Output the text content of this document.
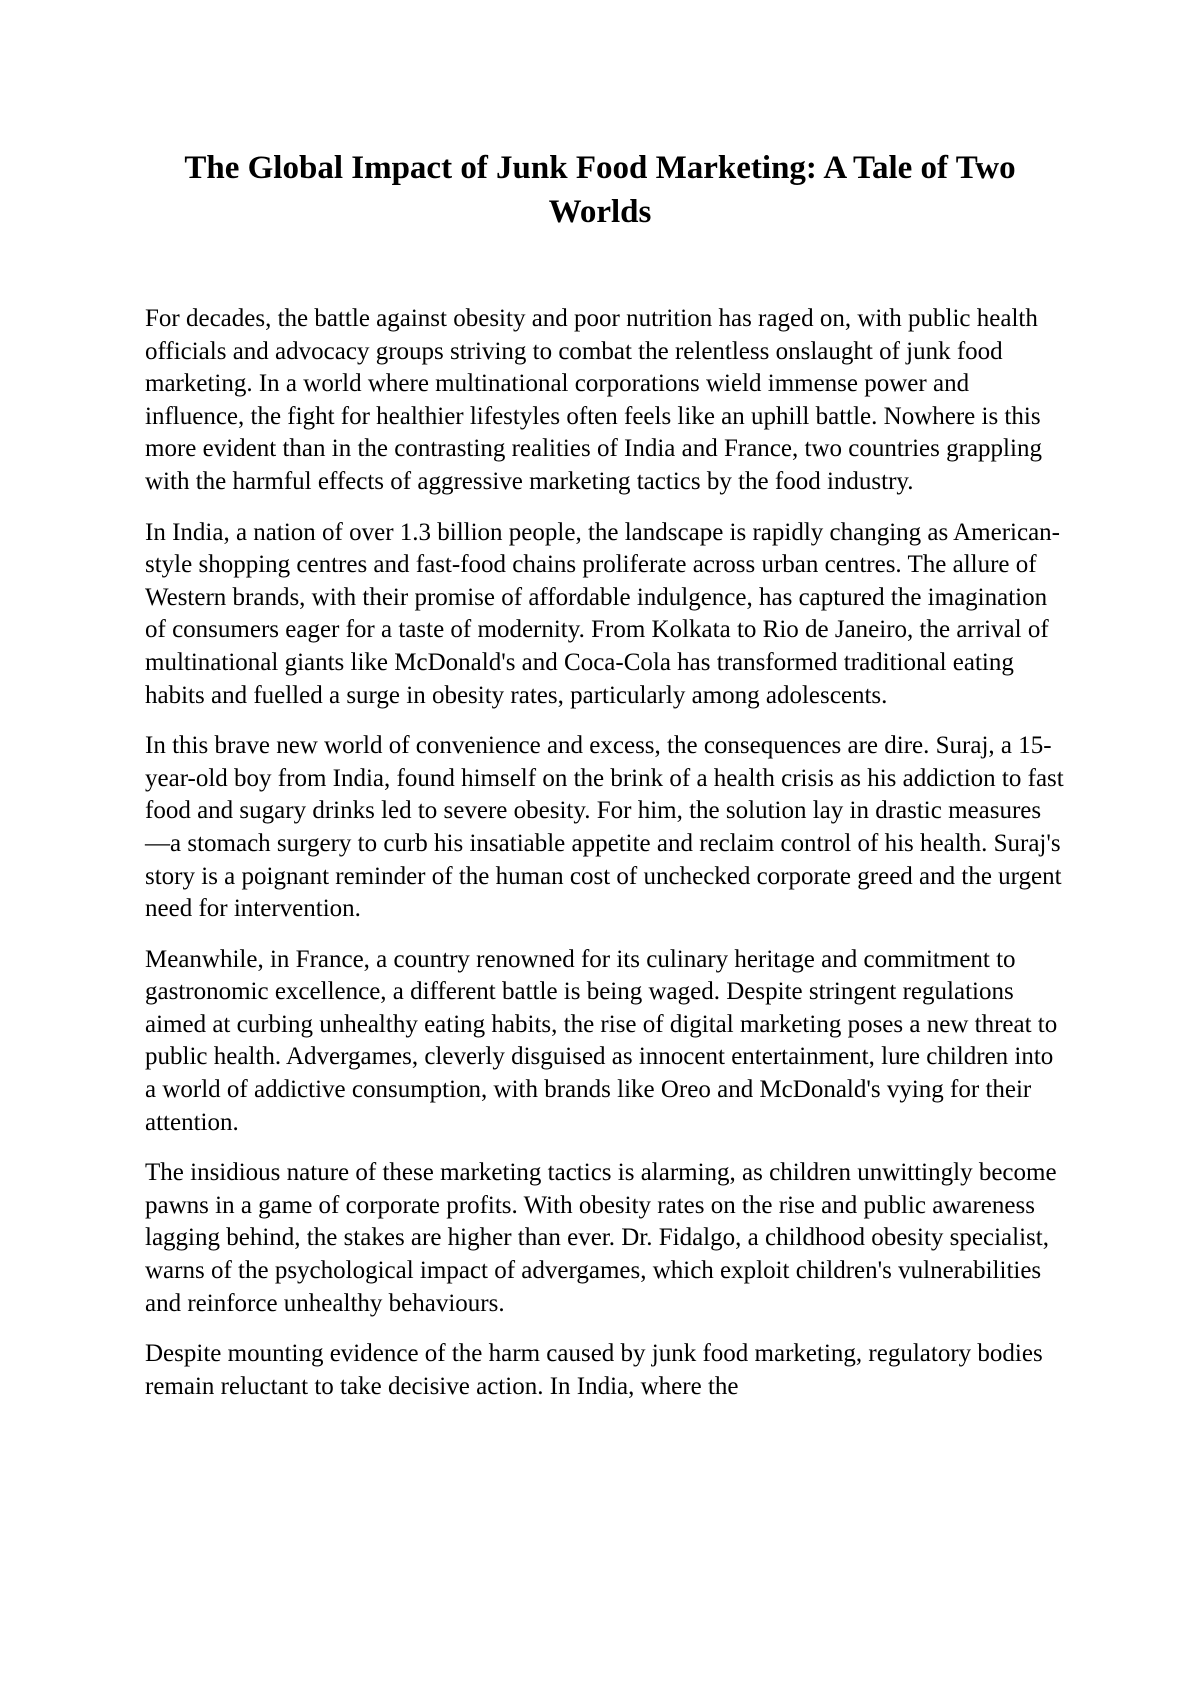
The Global Impact of Junk Food Marketing: A Tale of Two Worlds

For decades, the battle against obesity and poor nutrition has raged on, with public health officials and advocacy groups striving to combat the relentless onslaught of junk food marketing. In a world where multinational corporations wield immense power and influence, the fight for healthier lifestyles often feels like an uphill battle. Nowhere is this more evident than in the contrasting realities of India and France, two countries grappling with the harmful effects of aggressive marketing tactics by the food industry.

In India, a nation of over 1.3 billion people, the landscape is rapidly changing as American-style shopping centres and fast-food chains proliferate across urban centres. The allure of Western brands, with their promise of affordable indulgence, has captured the imagination of consumers eager for a taste of modernity. From Kolkata to Rio de Janeiro, the arrival of multinational giants like McDonald's and Coca-Cola has transformed traditional eating habits and fuelled a surge in obesity rates, particularly among adolescents.

In this brave new world of convenience and excess, the consequences are dire. Suraj, a 15-year-old boy from India, found himself on the brink of a health crisis as his addiction to fast food and sugary drinks led to severe obesity. For him, the solution lay in drastic measures—a stomach surgery to curb his insatiable appetite and reclaim control of his health. Suraj's story is a poignant reminder of the human cost of unchecked corporate greed and the urgent need for intervention.

Meanwhile, in France, a country renowned for its culinary heritage and commitment to gastronomic excellence, a different battle is being waged. Despite stringent regulations aimed at curbing unhealthy eating habits, the rise of digital marketing poses a new threat to public health. Advergames, cleverly disguised as innocent entertainment, lure children into a world of addictive consumption, with brands like Oreo and McDonald's vying for their attention.

The insidious nature of these marketing tactics is alarming, as children unwittingly become pawns in a game of corporate profits. With obesity rates on the rise and public awareness lagging behind, the stakes are higher than ever. Dr. Fidalgo, a childhood obesity specialist, warns of the psychological impact of advergames, which exploit children's vulnerabilities and reinforce unhealthy behaviours.

Despite mounting evidence of the harm caused by junk food marketing, regulatory bodies remain reluctant to take decisive action. In India, where the
